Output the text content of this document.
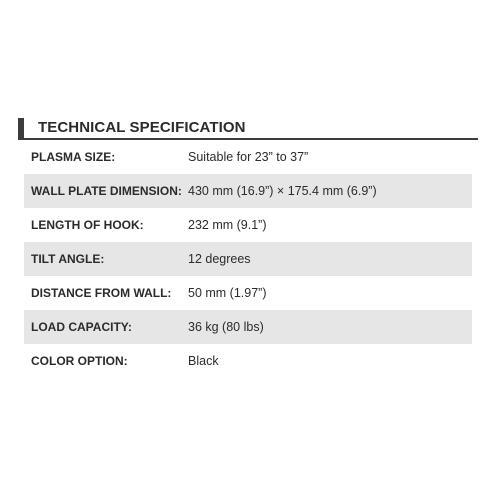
TECHNICAL SPECIFICATION
PLASMA SIZE:	Suitable for 23” to 37”
WALL PLATE DIMENSION: 430 mm (16.9”) × 175.4 mm (6.9”)
LENGTH OF HOOK:	232 mm (9.1”)
TILT ANGLE:	12 degrees
DISTANCE FROM WALL: 50 mm (1.97”)
LOAD CAPACITY:	36 kg (80 lbs)
COLOR OPTION:	Black
